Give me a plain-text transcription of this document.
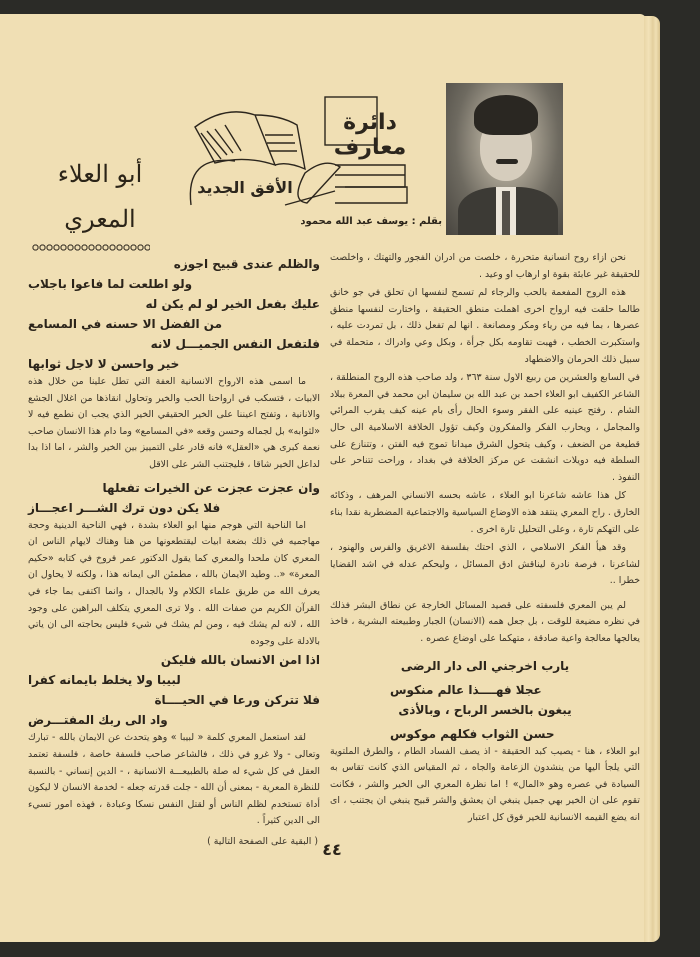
دائرة معارف
الأفق الجديد
بقلم : يوسف عبد الله محمود
أبو العلاء
المعري

نحن ازاء روح انسانية متحررة ، خلصت من ادران الفجور والتهتك ، واخلصت للحقيقة غير عابئة بقوة او ارهاب او وعيد .

هذه الروح المفعمة بالحب والرجاء لم تسمح لنفسها ان تحلق في جو خانق طالما حلقت فيه ارواح اخرى اهملت منطق الحقيقة ، واختارت لنفسها منطق عصرها ، بما فيه من رياء ومكر ومصانعة . انها لم تفعل ذلك ، بل تمردت عليه ، واستكبرت الخطب ، فهبت تقاومه بكل جرأة ، وبكل وعي وادراك ، متحملة في سبيل ذلك الحرمان والاضطهاد

في السابع والعشرين من ربيع الاول سنة ٣٦٣ ، ولد صاحب هذه الروح المنطلقة ، الشاعر الكفيف ابو العلاء احمد بن عبد الله بن سليمان ابن محمد في المعرة ببلاد الشام . رفتح عينيه على الفقر وسوء الحال رأى بام عينه كيف يقرب المرائي والمجامل ، ويحارب الفكر والمفكرون وكيف تؤول الخلافة الاسلامية الى حال قطيعة من الضعف ، وكيف يتحول الشرق ميدانا تموج فيه الفتن ، وتتنازع على السلطة فيه دويلات انشقت عن مركز الخلافة في بغداد ، وراحت تتناحر على النفوذ .

كل هذا عاشه شاعرنا ابو العلاء ، عاشه بحسه الانساني المرهف ، وذكائه الخارق . راح المعري ينتقد هذه الاوضاع السياسية والاجتماعية المضطربة نقدا بناء على التهكم تارة ، وعلى التحليل تارة اخرى .

وقد هيأ الفكر الاسلامي ، الذي احتك بفلسفة الاغريق والفرس والهنود ، لشاعرنا ، فرصة نادرة ليناقش ادق المسائل ، وليحكم عدله في اشد القضايا خطرا ..

لم يبن المعري فلسفته على قصيد المسائل الخارجة عن نطاق البشر فذلك في نظره مضيعة للوقت ، بل جعل همه (الانسان) الجبار وطبيعته البشرية ، فاخذ يعالجها معالجة واعية صادقة ، متهكما على اوضاع عصره .

يارب اخرجني الى دار الرضى
عجلا فهــــذا عالم منكوس
يبغون بالخسر الرباح ، وبالأذى
حسن الثواب فكلهم موكوس

ابو العلاء ، هنا - يصيب كبد الحقيقة - اذ يصف الفساد الطام ، والطرق الملتوية التي يلجأ اليها من ينشدون الزعامة والجاه ، ثم المقياس الذي كانت تقاس به السيادة في عصره وهو «المال» ! اما نظرة المعري الى الخير والشر ، فكانت تقوم على ان الخير بهي جميل ينبغي ان يعشق والشر قبيح ينبغي ان يجتنب ، اى انه يضع القيمه الانسانية للخير فوق كل اعتبار

والظلم عندى قبيح اجوزه
ولو اطلعت لما فاعوا باجلاب
عليك بفعل الخير لو لم يكن له
من الفضل الا حسنه في المسامع
فلتفعل النفس الجميـــل لانه
خير واحسن لا لاجل ثوابها

ما اسمى هذه الارواح الانسانية العفة التي تطل علينا من خلال هذه الابيات ، فتسكب في ارواحنا الحب والخير وتحاول انقاذها من اغلال الجشع والانانية ، وتفتح اعيننا على الخير الحقيقي الخير الذي يجب ان نطمع فيه لا «لثوابه» بل لجماله وحسن وقعه «في المسامع» وما دام هذا الانسان صاحب نعمة كبرى هي «العقل» فانه قادر على التمييز بين الخير والشر ، اما اذا بدا لداعل الخير شاقا ، فليجتنب الشر على الاقل

وان عجزت عجزت عن الخيرات تفعلها
فلا يكن دون ترك الشـــر اعجـــاز

اما الناحية التي هوجم منها ابو العلاء بشدة ، فهي الناحية الدينية وحجة مهاجميه في ذلك بضعة ابيات ليقتطعونها من هنا وهناك لايهام الناس ان المعري كان ملحدا والمعري كما يقول الدكتور عمر فروخ في كتابه «حكيم المعرة» «.. وطيد الايمان بالله ، مطمئن الى ايمانه هذا ، ولكنه لا يحاول ان يعرف الله من طريق علماء الكلام ولا بالجدال ، وانما اكتفى بما جاء في القرآن الكريم من صفات الله . ولا ترى المعري يتكلف البراهين على وجود الله ، لانه لم يشك فيه ، ومن لم يشك في شيء فليس بحاجته الى ان ياتي بالادلة على وجوده

اذا امن الانسان بالله فليكن
لبيبا ولا يخلط بايمانه كفرا
فلا تتركن ورعا في الحيــــاة
واد الى ربك المفتـــرض

لقد استعمل المعري كلمة « لبيبا » وهو يتحدث عن الايمان بالله - تبارك وتعالى - ولا غرو في ذلك ، فالشاعر صاحب فلسفة خاصة ، فلسفة تعتمد العقل في كل شيء له صلة بالطبيعـــة الانسانية ، - الدين إنساني - بالنسبة للنظرة المعرية - بمعنى أن الله - جلت قدرته جعله - لخدمة الانسان لا ليكون أداة تستخدم لظلم الناس أو لقتل النفس نسكا وعبادة ، فهذه امور تسيء الى الدين كثيراً .

( البقية على الصفحة التالية ) ٤٤
